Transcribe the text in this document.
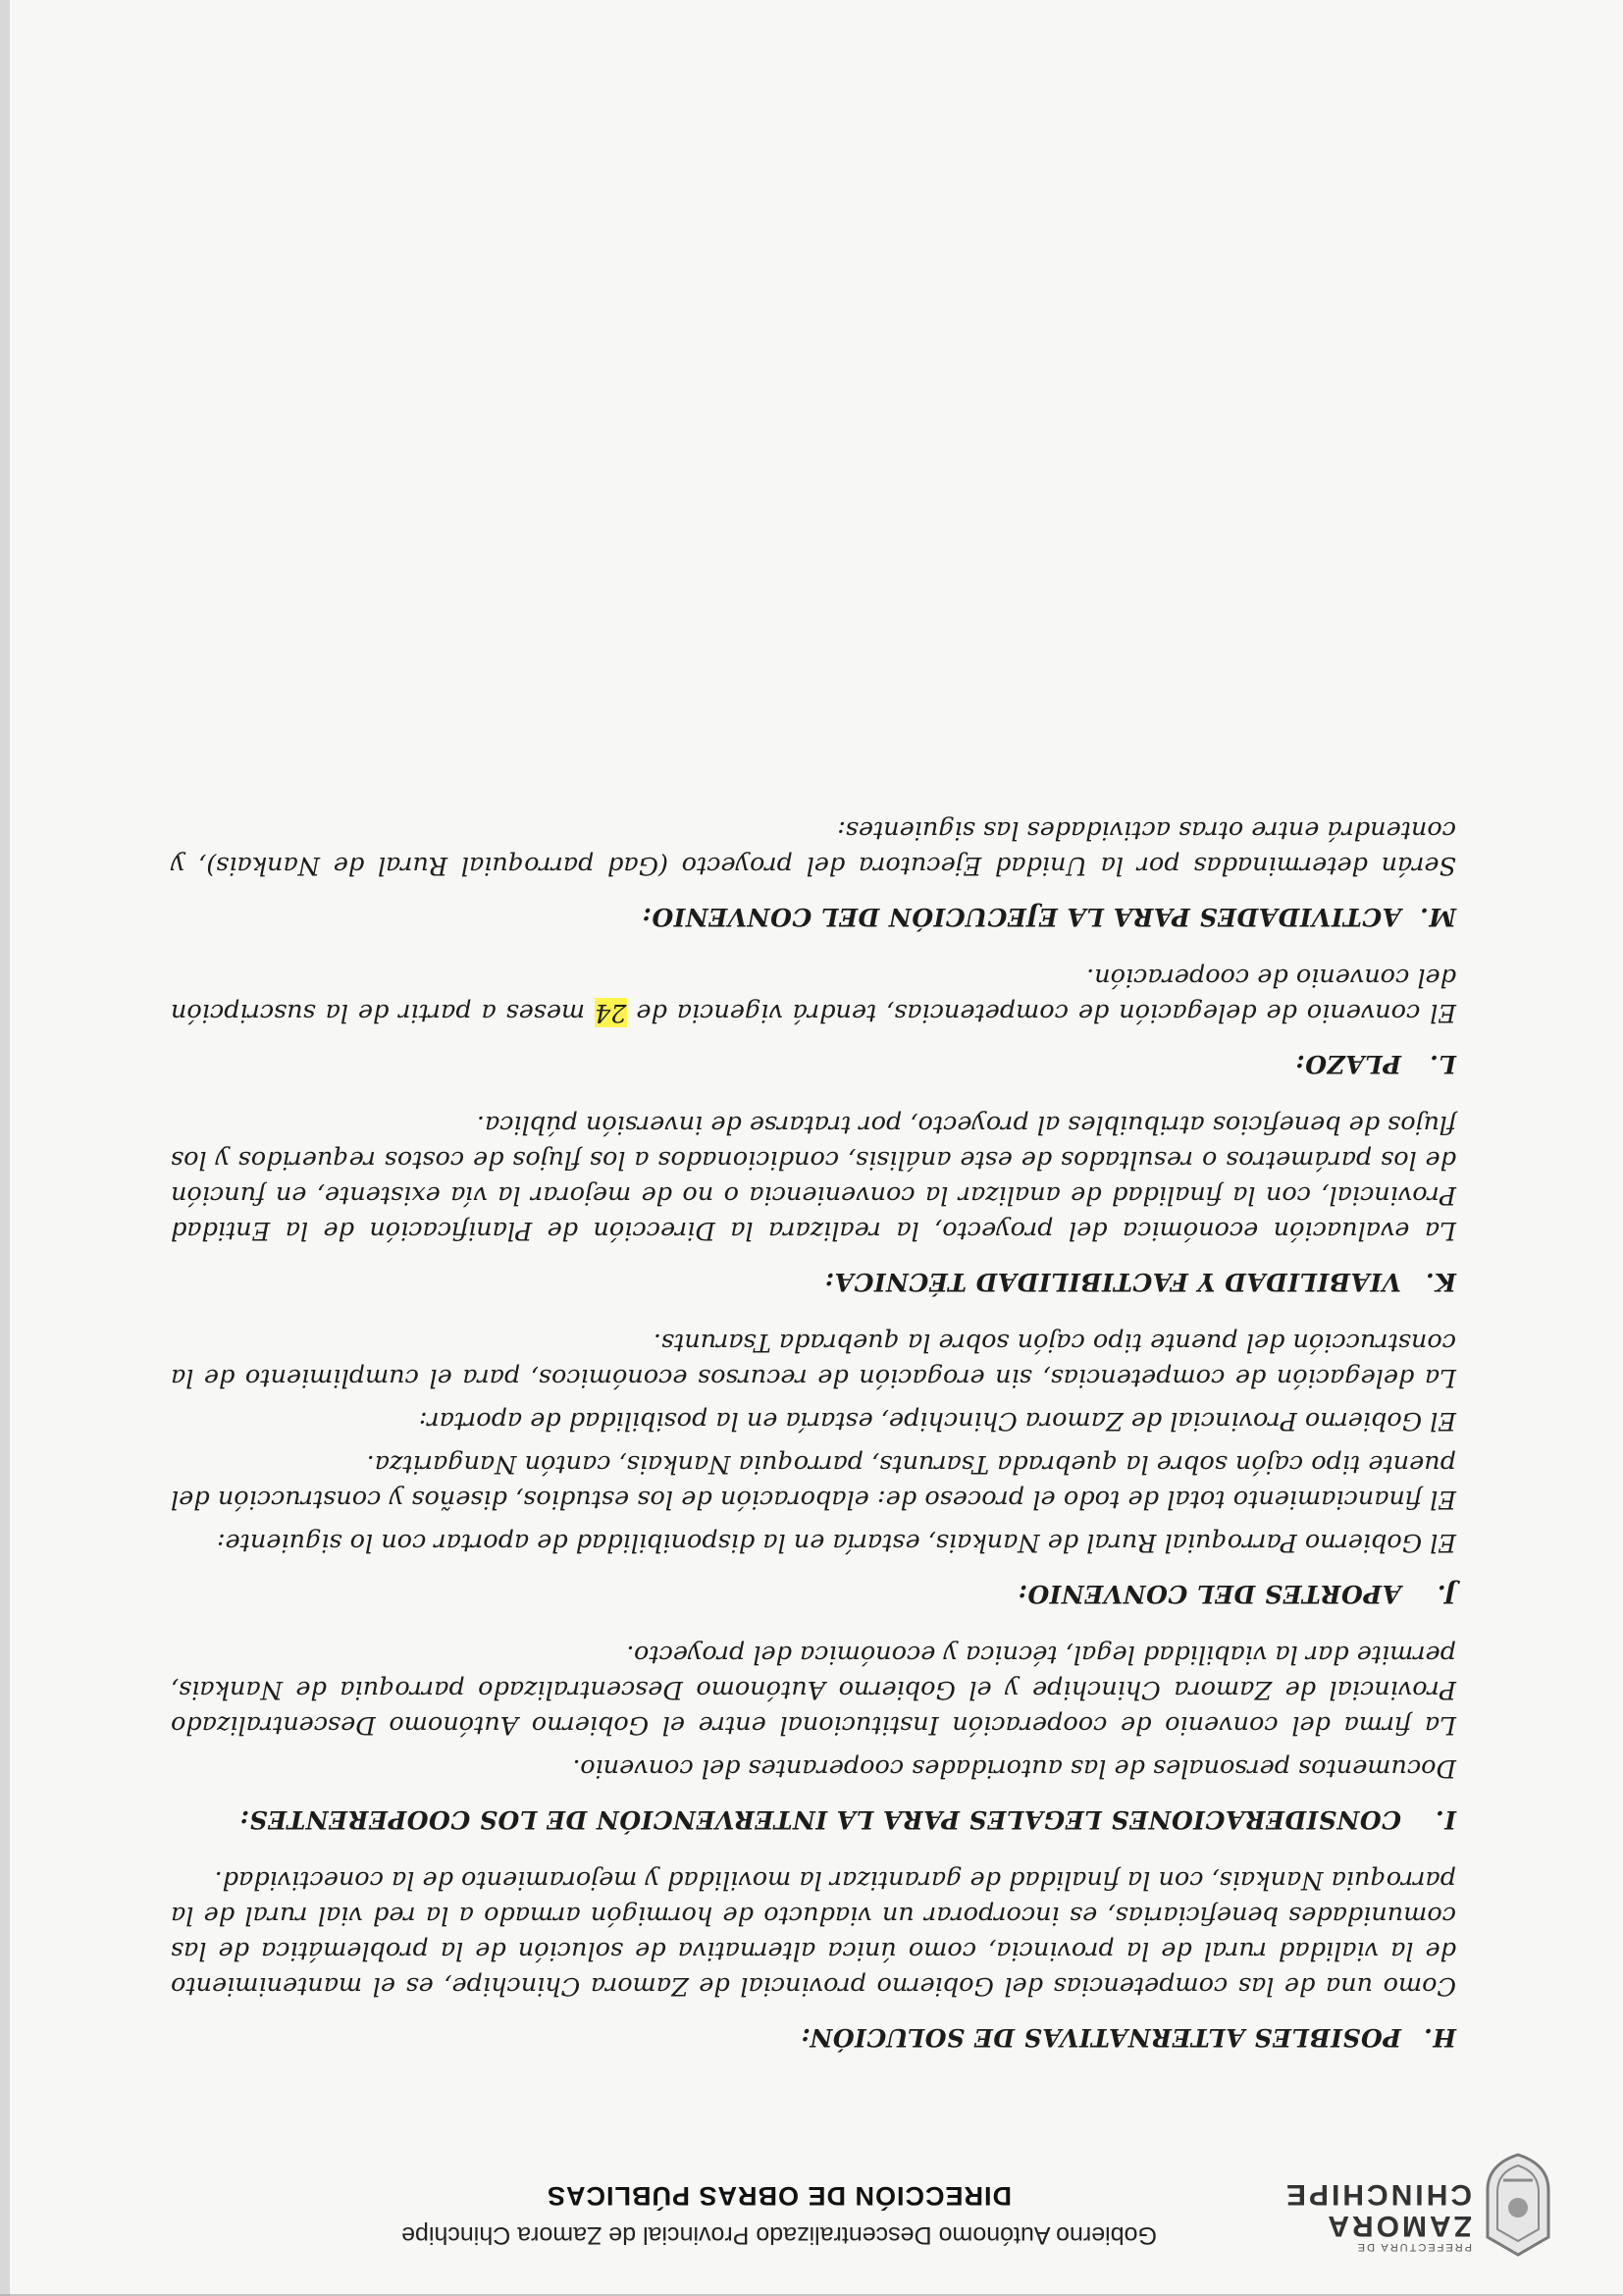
PREFECTURA DE
ZAMORA
CHINCHIPE
Gobierno Autónomo Descentralizado Provincial de Zamora Chinchipe
DIRECCIÓN DE OBRAS PÚBLICAS
H.POSIBLES ALTERNATIVAS DE SOLUCIÓN:

Como una de las competencias del Gobierno provincial de Zamora Chinchipe, es el mantenimiento de la vialidad rural de la provincia, como única alternativa de solución de la problemática de las comunidades beneficiarias, es incorporar un viaducto de hormigón armado a la red vial rural de la parroquia Nankais, con la finalidad de garantizar la movilidad y mejoramiento de la conectividad.

I.CONSIDERACIONES LEGALES PARA LA INTERVENCIÓN DE LOS COOPERENTES:

Documentos personales de las autoridades cooperantes del convenio.

La firma del convenio de cooperación Institucional entre el Gobierno Autónomo Descentralizado Provincial de Zamora Chinchipe y el Gobierno Autónomo Descentralizado parroquia de Nankais, permite dar la viabilidad legal, técnica y económica del proyecto.

J.APORTES DEL CONVENIO:

El Gobierno Parroquial Rural de Nankais, estaría en la disponibilidad de aportar con lo siguiente:

El financiamiento total de todo el proceso de: elaboración de los estudios, diseños y construcción del puente tipo cajón sobre la quebrada Tsarunts, parroquia Nankais, cantón Nangaritza.

El Gobierno Provincial de Zamora Chinchipe, estaría en la posibilidad de aportar:

La delegación de competencias, sin erogación de recursos económicos, para el cumplimiento de la construcción del puente tipo cajón sobre la quebrada Tsarunts.

K.VIABILIDAD Y FACTIBILIDAD TÉCNICA:

La evaluación económica del proyecto, la realizara la Dirección de Planificación de la Entidad Provincial, con la finalidad de analizar la conveniencia o no de mejorar la vía existente, en función de los parámetros o resultados de este análisis, condicionados a los flujos de costos requeridos y los flujos de beneficios atribuibles al proyecto, por tratarse de inversión pública.

L.PLAZO:

El convenio de delegación de competencias, tendrá vigencia de 24 meses a partir de la suscripción del convenio de cooperación.

M.ACTIVIDADES PARA LA EJECUCIÓN DEL CONVENIO:

Serán determinadas por la Unidad Ejecutora del proyecto (Gad parroquial Rural de Nankais), y contendrá entre otras actividades las siguientes:
